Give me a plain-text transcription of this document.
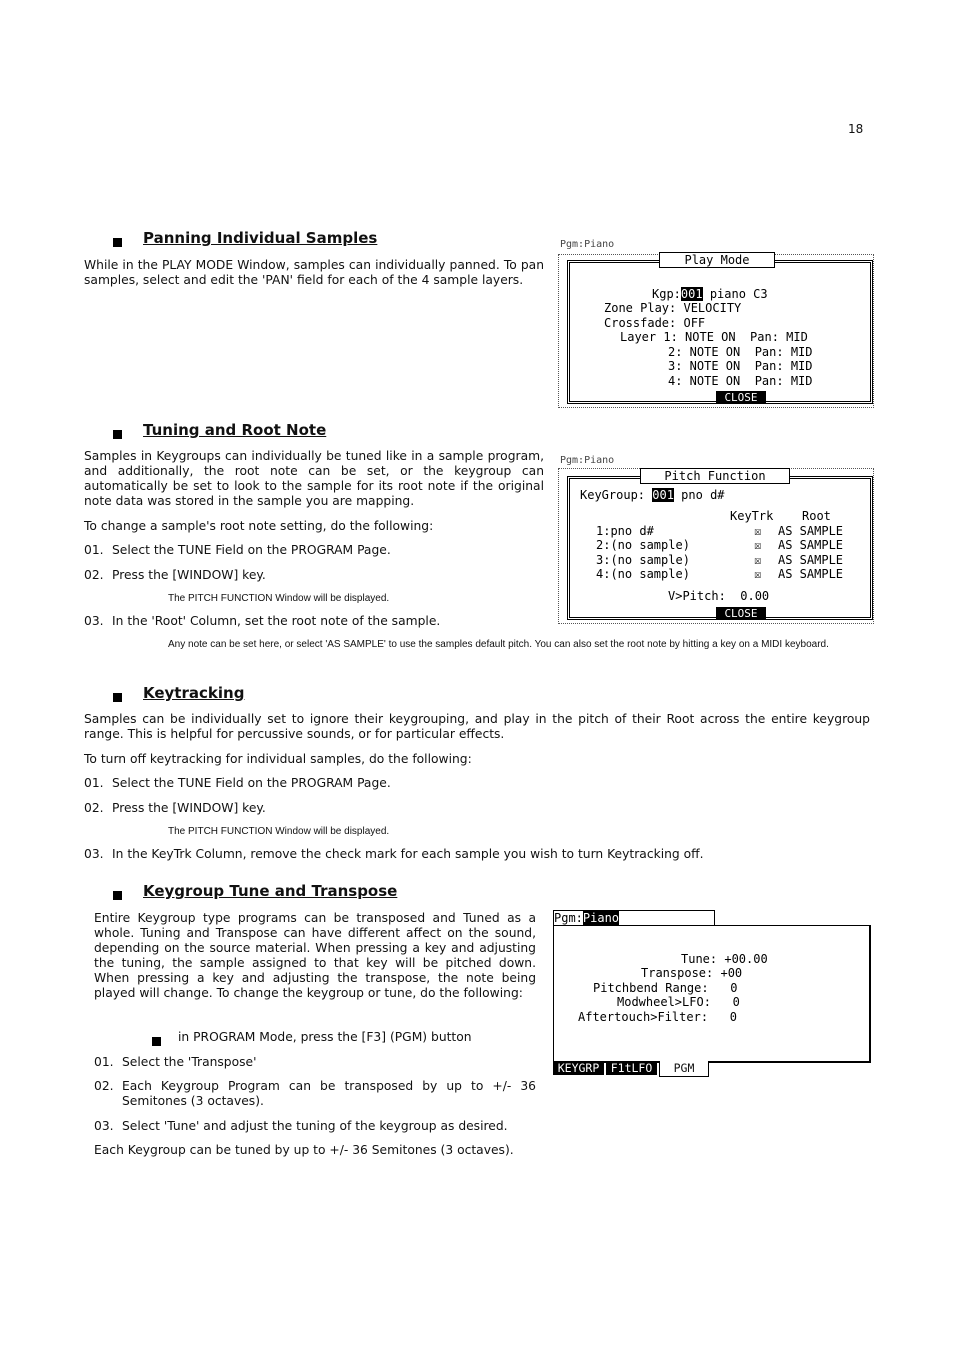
18
Panning Individual Samples
While in the PLAY MODE Window, samples can individually panned. To pan samples, select and edit the 'PAN' field for each of the 4 sample layers.
Pgm:Piano
Play Mode
Kgp:001 piano C3
Zone Play: VELOCITY
Crossfade: OFF
Layer 1: NOTE ON  Pan: MID
2: NOTE ON  Pan: MID
3: NOTE ON  Pan: MID
4: NOTE ON  Pan: MID
CLOSE
Tuning and Root Note
Samples in Keygroups can individually be tuned like in a sample program, and additionally, the root note can be set, or the keygroup can automatically be set to look to the sample for its root note if the original note data was stored in the sample you are mapping.
To change a sample's root note setting, do the following:
01. Select the TUNE Field on the PROGRAM Page.
02. Press the [WINDOW] key.
The PITCH FUNCTION Window will be displayed.
03. In the 'Root' Column, set the root note of the sample.
Any note can be set here, or select 'AS SAMPLE' to use the samples default pitch. You can also set the root note by hitting a key on a MIDI keyboard.
Pgm:Piano
Pitch Function
KeyGroup: 001 pno d#
KeyTrk Root
1:pno d#	☒ AS SAMPLE
2:(no sample)	☒ AS SAMPLE
3:(no sample)	☒ AS SAMPLE
4:(no sample)	☒ AS SAMPLE
V>Pitch:  0.00
CLOSE
Keytracking
Samples can be individually set to ignore their keygrouping, and play in the pitch of their Root across the entire keygroup range. This is helpful for percussive sounds, or for particular effects.
To turn off keytracking for individual samples, do the following:
01. Select the TUNE Field on the PROGRAM Page.
02. Press the [WINDOW] key.
The PITCH FUNCTION Window will be displayed.
03. In the KeyTrk Column, remove the check mark for each sample you wish to turn Keytracking off.
Keygroup Tune and Transpose
Entire Keygroup type programs can be transposed and Tuned as a whole. Tuning and Transpose can have different affect on the sound, depending on the source material. When pressing a key and adjusting the tuning, the sample assigned to that key will be pitched down. When pressing a key and adjusting the transpose, the note being played will change. To change the keygroup or tune, do the following:
in PROGRAM Mode, press the [F3] (PGM) button
01. Select the 'Transpose'
02. Each Keygroup Program can be transposed by up to +/- 36 Semitones (3 octaves).
03. Select 'Tune' and adjust the tuning of the keygroup as desired.
Each Keygroup can be tuned by up to +/- 36 Semitones (3 octaves).
Pgm:Piano
Tune: +00.00
Transpose: +00
Pitchbend Range:   0
Modwheel>LFO:   0
Aftertouch>Filter:   0
KEYGRP F1tLFO	PGM
